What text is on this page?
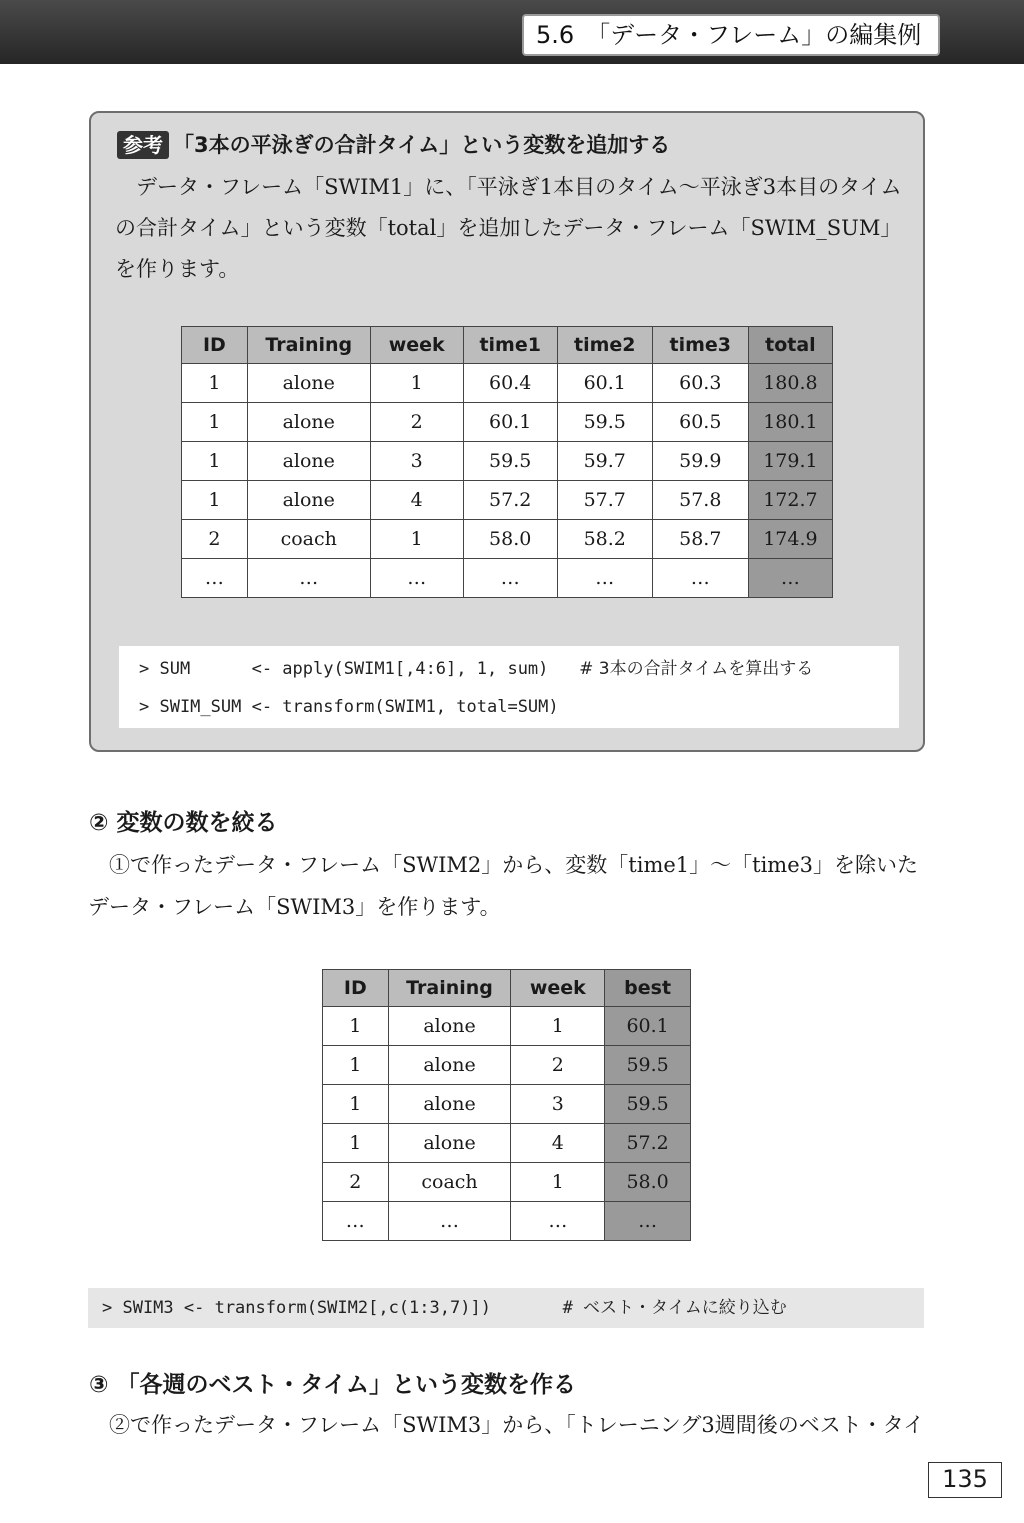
5.6　「データ・フレーム」の編集例
参考 「3本の平泳ぎの合計タイム」という変数を追加する
データ・フレーム「SWIM1」に、「平泳ぎ1本目のタイム～平泳ぎ3本目のタイムの合計タイム」という変数「total」を追加したデータ・フレーム「SWIM_SUM」を作ります。
> SUM      <- apply(SWIM1[,4:6], 1, sum)   # 3本の合計タイムを算出する
> SWIM_SUM <- transform(SWIM1, total=SUM)
ID	Training	week	time1	time2	time3	total
1	alone	1	60.4	60.1	60.3	180.8
1	alone	2	60.1	59.5	60.5	180.1
1	alone	3	59.5	59.7	59.9	179.1
1	alone	4	57.2	57.7	57.8	172.7
2	coach	1	58.0	58.2	58.7	174.9
…	…	…	…	…	…	…
② 変数の数を絞る
①で作ったデータ・フレーム「SWIM2」から、変数「time1」～「time3」を除いたデータ・フレーム「SWIM3」を作ります。
ID	Training	week	best
1	alone	1	60.1
1	alone	2	59.5
1	alone	3	59.5
1	alone	4	57.2
2	coach	1	58.0
…	…	…	…
> SWIM3 <- transform(SWIM2[,c(1:3,7)])       # ベスト・タイムに絞り込む
③ 「各週のベスト・タイム」という変数を作る
②で作ったデータ・フレーム「SWIM3」から、「トレーニング3週間後のベスト・タイ
135
